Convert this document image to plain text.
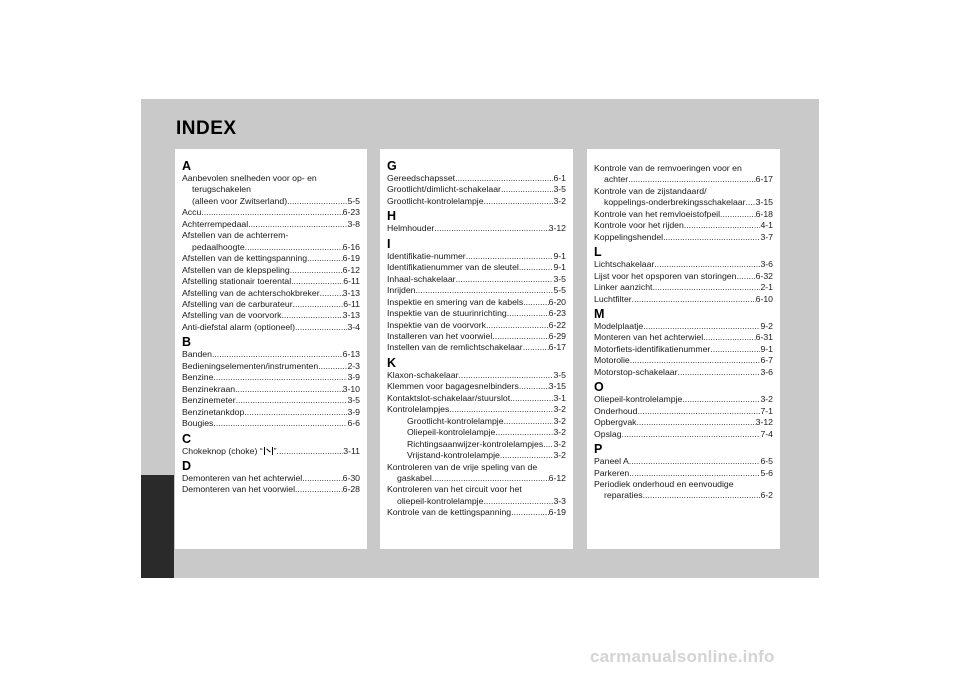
INDEX
A
Aanbevolen snelheden voor op- en
terugschakelen
(alleen voor Zwitserland) .....	5-5
Accu .....	6-23
Achterrempedaal .....	3-8
Afstellen van de achterrem-
pedaalhoogte .....	6-16
Afstellen van de kettingspanning .....	6-19
Afstellen van de klepspeling .....	6-12
Afstelling stationair toerental .....	6-11
Afstelling van de achterschokbreker .....	3-13
Afstelling van de carburateur .....	6-11
Afstelling van de voorvork .....	3-13
Anti-diefstal alarm (optioneel) .....	3-4
B
Banden .....	6-13
Bedieningselementen/instrumenten .....	2-3
Benzine .....	3-9
Benzinekraan .....	3-10
Benzinemeter .....	3-5
Benzinetankdop .....	3-9
Bougies .....	6-6
C
Chokeknop (choke) “ ” .....	3-11
D
Demonteren van het achterwiel .....	6-30
Demonteren van het voorwiel .....	6-28
G
Gereedschapsset .....	6-1
Grootlicht/dimlicht-schakelaar .....	3-5
Grootlicht-kontrolelampje .....	3-2
H
Helmhouder .....	3-12
I
Identifikatie-nummer .....	9-1
Identifikatienummer van de sleutel .....	9-1
Inhaal-schakelaar .....	3-5
Inrijden .....	5-5
Inspektie en smering van de kabels .....	6-20
Inspektie van de stuurinrichting .....	6-23
Inspektie van de voorvork .....	6-22
Installeren van het voorwiel .....	6-29
Instellen van de remlichtschakelaar .....	6-17
K
Klaxon-schakelaar .....	3-5
Klemmen voor bagagesnelbinders .....	3-15
Kontaktslot-schakelaar/stuurslot .....	3-1
Kontrolelampjes .....	3-2
Grootlicht-kontrolelampje .....	3-2
Oliepeil-kontrolelampje .....	3-2
Richtingsaanwijzer-kontrolelampjes ..... 3-2
Vrijstand-kontrolelampje .....	3-2
Kontroleren van de vrije speling van de
gaskabel .....	6-12
Kontroleren van het circuit voor het
oliepeil-kontrolelampje .....	3-3
Kontrole van de kettingspanning .....	6-19
Kontrole van de remvoeringen voor en
achter .....	6-17
Kontrole van de zijstandaard/
koppelings-onderbrekingsschakelaar ..... 3-15
Kontrole van het remvloeistofpeil .....	6-18
Kontrole voor het rijden .....	4-1
Koppelingshendel .....	3-7
L
Lichtschakelaar .....	3-6
Lijst voor het opsporen van storingen ..... 6-32
Linker aanzicht .....	2-1
Luchtfilter .....	6-10
M
Modelplaatje .....	9-2
Monteren van het achterwiel .....	6-31
Motorfiets-identifikatienummer .....	9-1
Motorolie .....	6-7
Motorstop-schakelaar .....	3-6
O
Oliepeil-kontrolelampje .....	3-2
Onderhoud .....	7-1
Opbergvak .....	3-12
Opslag .....	7-4
P
Paneel A .....	6-5
Parkeren .....	5-6
Periodiek onderhoud en eenvoudige
reparaties .....	6-2
carmanualsonline.info
